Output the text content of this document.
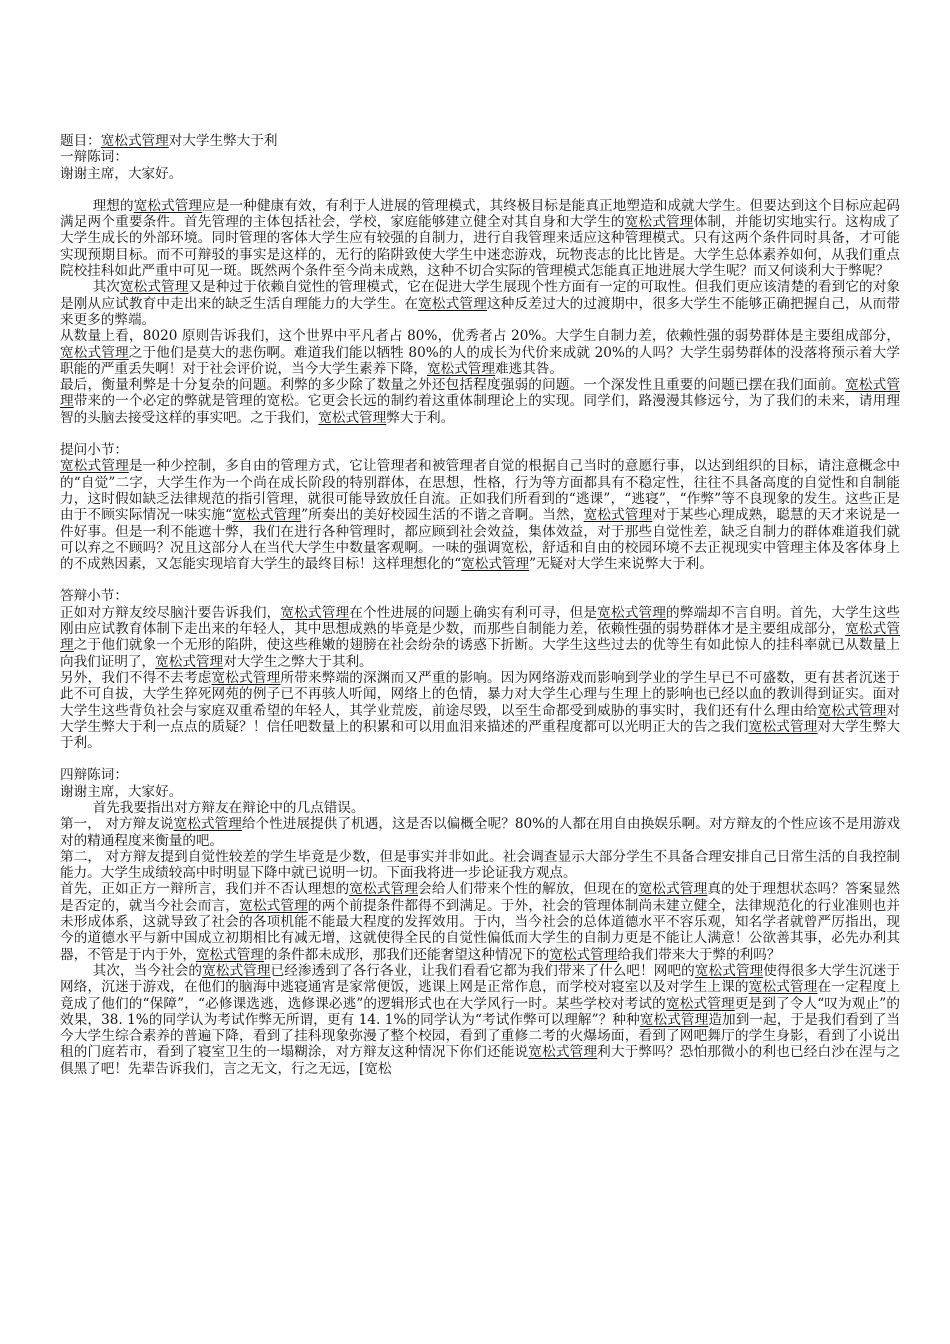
题目：宽松式管理对大学生弊大于利

一辩陈词：

谢谢主席，大家好。

理想的宽松式管理应是一种健康有效，有利于人进展的管理模式，其终极目标是能真正地塑造和成就大学生。但要达到这个目标应起码满足两个重要条件。首先管理的主体包括社会，学校，家庭能够建立健全对其自身和大学生的宽松式管理体制，并能切实地实行。这构成了大学生成长的外部环境。同时管理的客体大学生应有较强的自制力，进行自我管理来适应这种管理模式。只有这两个条件同时具备，才可能实现预期目标。而不可辩驳的事实是这样的，无行的陷阱致使大学生中迷恋游戏，玩物丧志的比比皆是。大学生总体素养如何，从我们重点院校挂科如此严重中可见一斑。既然两个条件至今尚未成熟，这种不切合实际的管理模式怎能真正地进展大学生呢？而又何谈利大于弊呢？

其次宽松式管理又是种过于依赖自觉性的管理模式，它在促进大学生展现个性方面有一定的可取性。但我们更应该清楚的看到它的对象是刚从应试教育中走出来的缺乏生活自理能力的大学生。在宽松式管理这种反差过大的过渡期中，很多大学生不能够正确把握自己，从而带来更多的弊端。

从数量上看，8020 原则告诉我们，这个世界中平凡者占 80%，优秀者占 20%。大学生自制力差，依赖性强的弱势群体是主要组成部分，宽松式管理之于他们是莫大的悲伤啊。难道我们能以牺牲 80%的人的成长为代价来成就 20%的人吗？大学生弱势群体的没落将预示着大学职能的严重丢失啊！对于社会评价说，当今大学生素养下降，宽松式管理难逃其咎。

最后，衡量利弊是十分复杂的问题。利弊的多少除了数量之外还包括程度强弱的问题。一个深发性且重要的问题已摆在我们面前。宽松式管理带来的一个必定的弊就是管理的宽松。它更会长远的制约着这重体制理论上的实现。同学们，路漫漫其修远兮，为了我们的未来，请用理智的头脑去接受这样的事实吧。之于我们，宽松式管理弊大于利。

提问小节：

宽松式管理是一种少控制，多自由的管理方式，它让管理者和被管理者自觉的根据自己当时的意愿行事，以达到组织的目标，请注意概念中的“自觉”二字，大学生作为一个尚在成长阶段的特别群体，在思想，性格，行为等方面都具有不稳定性，往往不具备高度的自觉性和自制能力，这时假如缺乏法律规范的指引管理，就很可能导致放任自流。正如我们所看到的“逃课”，“逃寝”，“作弊”等不良现象的发生。这些正是由于不顾实际情况一味实施“宽松式管理”所奏出的美好校园生活的不谐之音啊。当然，宽松式管理对于某些心理成熟，聪慧的天才来说是一件好事。但是一利不能遮十弊，我们在进行各种管理时，都应顾到社会效益，集体效益，对于那些自觉性差，缺乏自制力的群体难道我们就可以弃之不顾吗？况且这部分人在当代大学生中数量客观啊。一味的强调宽松，舒适和自由的校园环境不去正视现实中管理主体及客体身上的不成熟因素，又怎能实现培育大学生的最终目标！这样理想化的“宽松式管理”无疑对大学生来说弊大于利。

答辩小节：

正如对方辩友绞尽脑汁要告诉我们，宽松式管理在个性进展的问题上确实有利可寻，但是宽松式管理的弊端却不言自明。首先，大学生这些刚由应试教育体制下走出来的年轻人，其中思想成熟的毕竟是少数，而那些自制能力差，依赖性强的弱势群体才是主要组成部分，宽松式管理之于他们就象一个无形的陷阱，使这些稚嫩的翅膀在社会纷杂的诱惑下折断。大学生这些过去的优等生有如此惊人的挂科率就已从数量上向我们证明了，宽松式管理对大学生之弊大于其利。

另外，我们不得不去考虑宽松式管理所带来弊端的深渊而又严重的影响。因为网络游戏而影响到学业的学生早已不可盛数，更有甚者沉迷于此不可自拔，大学生猝死网苑的例子已不再骇人听闻，网络上的色情，暴力对大学生心理与生理上的影响也已经以血的教训得到证实。面对大学生这些背负社会与家庭双重希望的年轻人，其学业荒废，前途尽毁，以至生命都受到威胁的事实时，我们还有什么理由给宽松式管理对大学生弊大于利一点点的质疑？！信任吧数量上的积累和可以用血泪来描述的严重程度都可以光明正大的告之我们宽松式管理对大学生弊大于利。

四辩陈词：

谢谢主席，大家好。

首先我要指出对方辩友在辩论中的几点错误。

第一， 对方辩友说宽松式管理给个性进展提供了机遇，这是否以偏概全呢？80%的人都在用自由换娱乐啊。对方辩友的个性应该不是用游戏对的精通程度来衡量的吧。

第二， 对方辩友提到自觉性较差的学生毕竟是少数，但是事实并非如此。社会调查显示大部分学生不具备合理安排自己日常生活的自我控制能力。大学生成绩较高中时明显下降中就已说明一切。下面我将进一步论证我方观点。

首先，正如正方一辩所言，我们并不否认理想的宽松式管理会给人们带来个性的解放，但现在的宽松式管理真的处于理想状态吗？答案显然是否定的，就当今社会而言，宽松式管理的两个前提条件都得不到满足。于外，社会的管理体制尚未建立健全，法律规范化的行业准则也并未形成体系，这就导致了社会的各项机能不能最大程度的发挥效用。于内，当今社会的总体道德水平不容乐观，知名学者就曾严厉指出，现今的道德水平与新中国成立初期相比有减无增，这就使得全民的自觉性偏低而大学生的自制力更是不能让人满意！公欲善其事，必先办利其器，不管是于内于外，宽松式管理的条件都未成形，那我们还能奢望这种情况下的宽松式管理给我们带来大于弊的利吗？

其次，当今社会的宽松式管理已经渗透到了各行各业，让我们看看它都为我们带来了什么吧！网吧的宽松式管理使得很多大学生沉迷于网络，沉迷于游戏，在他们的脑海中逃寝通宵是家常便饭，逃课上网是正常作息，而学校对寝室以及对学生上课的宽松式管理在一定程度上竟成了他们的“保障”，“必修课选逃，选修课必逃”的逻辑形式也在大学风行一时。某些学校对考试的宽松式管理更是到了令人“叹为观止”的效果，38. 1%的同学认为考试作弊无所谓，更有 14. 1%的同学认为“考试作弊可以理解”？种种宽松式管理造加到一起，于是我们看到了当今大学生综合素养的普遍下降，看到了挂科现象弥漫了整个校园，看到了重修二考的火爆场面，看到了网吧舞厅的学生身影，看到了小说出租的门庭若市，看到了寝室卫生的一塌糊涂，对方辩友这种情况下你们还能说宽松式管理利大于弊吗？恐怕那微小的利也已经白沙在涅与之俱黑了吧！先辈告诉我们，言之无文，行之无远，[宽松
